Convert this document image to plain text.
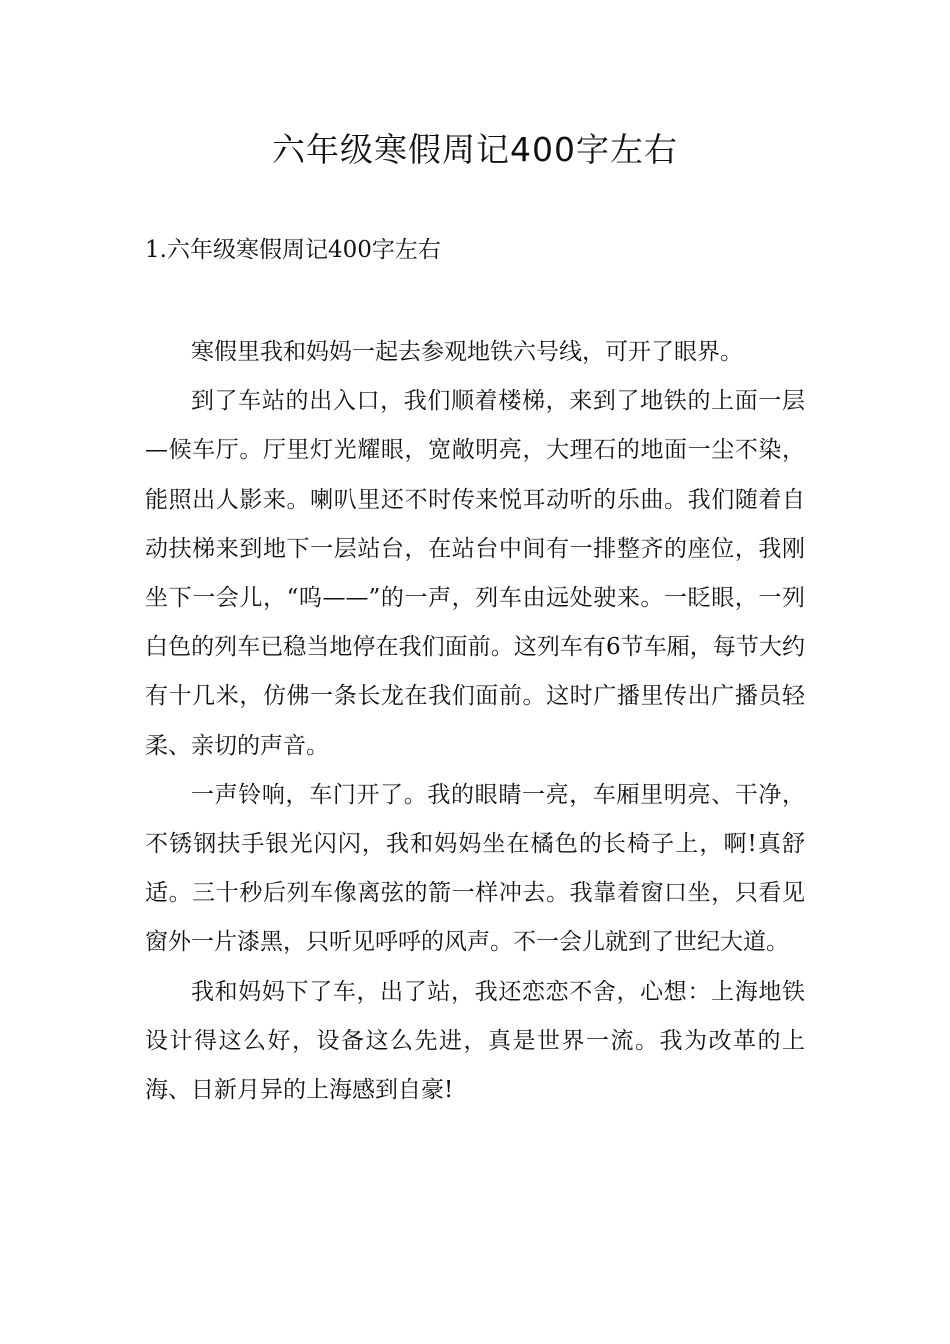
六年级寒假周记400字左右
1.六年级寒假周记400字左右

寒假里我和妈妈一起去参观地铁六号线，可开了眼界。

到了车站的出入口，我们顺着楼梯，来到了地铁的上面一层—候车厅。厅里灯光耀眼，宽敞明亮，大理石的地面一尘不染，能照出人影来。喇叭里还不时传来悦耳动听的乐曲。我们随着自动扶梯来到地下一层站台，在站台中间有一排整齐的座位，我刚坐下一会儿，“呜——”的一声，列车由远处驶来。一眨眼，一列白色的列车已稳当地停在我们面前。这列车有6节车厢，每节大约有十几米，仿佛一条长龙在我们面前。这时广播里传出广播员轻柔、亲切的声音。

一声铃响，车门开了。我的眼睛一亮，车厢里明亮、干净，不锈钢扶手银光闪闪，我和妈妈坐在橘色的长椅子上，啊!真舒适。三十秒后列车像离弦的箭一样冲去。我靠着窗口坐，只看见窗外一片漆黑，只听见呼呼的风声。不一会儿就到了世纪大道。

我和妈妈下了车，出了站，我还恋恋不舍，心想：上海地铁设计得这么好，设备这么先进，真是世界一流。我为改革的上海、日新月异的上海感到自豪!
